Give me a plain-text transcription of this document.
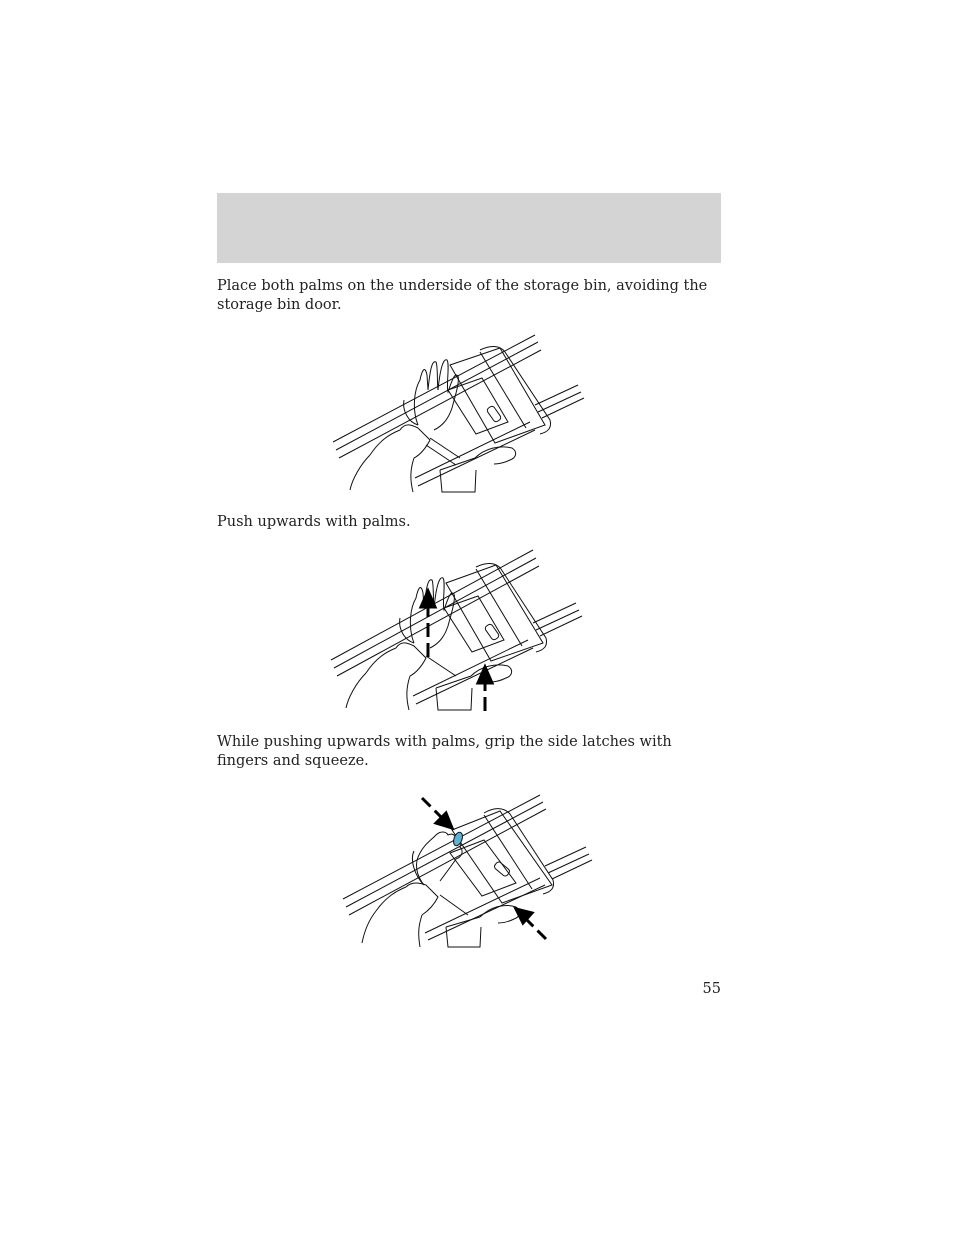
Place both palms on the underside of the storage bin, avoiding the storage bin door.

Push upwards with palms.

While pushing upwards with palms, grip the side latches with fingers and squeeze.

55
